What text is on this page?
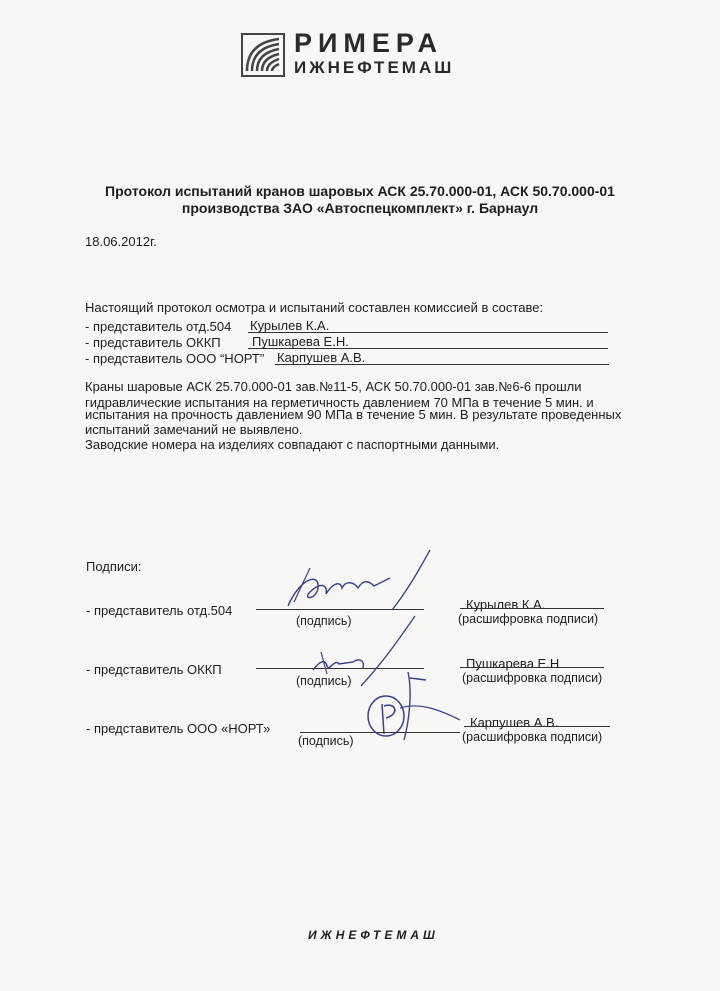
РИМЕРА
ИЖНЕФТЕМАШ
Протокол испытаний кранов шаровых АСК 25.70.000-01, АСК 50.70.000-01
производства ЗАО «Автоспецкомплект» г. Барнаул
18.06.2012г.
Настоящий протокол осмотра и испытаний составлен комиссией в составе:
- представитель отд.504 Курылев К.А.
- представитель ОККП Пушкарева Е.Н.
- представитель ООО “НОРТ” Карпушев А.В.
Краны шаровые АСК 25.70.000-01 зав.№11-5, АСК 50.70.000-01 зав.№6-6 прошли
гидравлические испытания на герметичность давлением 70 МПа в течение 5 мин. и
испытания на прочность давлением 90 МПа в течение 5 мин. В результате проведенных
испытаний замечаний не выявлено.
Заводские номера на изделиях совпадают с паспортными данными.
Подписи:
- представитель отд.504
(подпись)
Курылев К.А.
(расшифровка подписи)
- представитель ОККП
(подпись)
Пушкарева Е.Н
(расшифровка подписи)
- представитель ООО «НОРТ»
(подпись)
Карпушев А.В.
(расшифровка подписи)
ИЖНЕФТЕМАШ
